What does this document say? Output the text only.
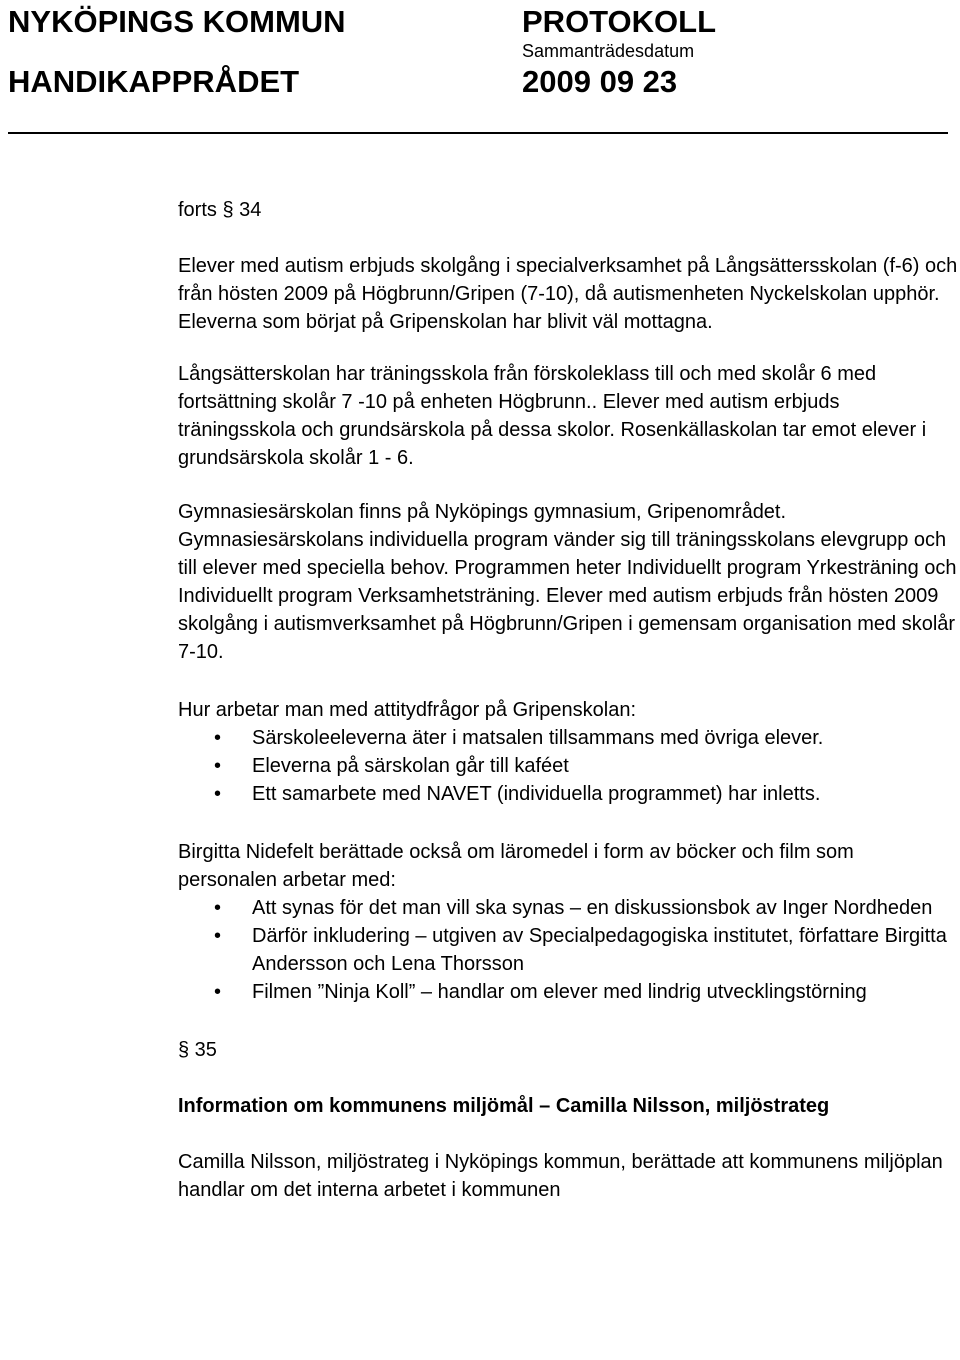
NYKÖPINGS KOMMUN
HANDIKAPPRÅDET
PROTOKOLL
Sammanträdesdatum
2009 09 23

forts § 34

Elever med autism erbjuds skolgång i specialverksamhet på Långsättersskolan (f-6) och från hösten 2009 på Högbrunn/Gripen (7-10), då autismenheten Nyckelskolan upphör. Eleverna som börjat på Gripenskolan har blivit väl mottagna.

Långsätterskolan har träningsskola från förskoleklass till och med skolår 6 med fortsättning skolår 7 -10 på enheten Högbrunn.. Elever med autism erbjuds träningsskola och grundsärskola på dessa skolor. Rosenkällaskolan tar emot elever i grundsärskola skolår 1 - 6.

Gymnasiesärskolan finns på Nyköpings gymnasium, Gripenområdet. Gymnasiesärskolans individuella program vänder sig till träningsskolans elevgrupp och till elever med speciella behov. Programmen heter Individuellt program Yrkesträning och Individuellt program Verksamhetsträning. Elever med autism erbjuds från hösten 2009 skolgång i autismverksamhet på Högbrunn/Gripen i gemensam organisation med skolår 7-10.

Hur arbetar man med attitydfrågor på Gripenskolan:

• Särskoleeleverna äter i matsalen tillsammans med övriga elever.
• Eleverna på särskolan går till kaféet
• Ett samarbete med NAVET (individuella programmet) har inletts.

Birgitta Nidefelt berättade också om läromedel i form av böcker och film som personalen arbetar med:

• Att synas för det man vill ska synas – en diskussionsbok av Inger Nordheden
• Därför inkludering – utgiven av Specialpedagogiska institutet, författare Birgitta Andersson och Lena Thorsson
• Filmen ”Ninja Koll” – handlar om elever med lindrig utvecklingstörning

§ 35

Information om kommunens miljömål – Camilla Nilsson, miljöstrateg

Camilla Nilsson, miljöstrateg i Nyköpings kommun, berättade att kommunens miljöplan handlar om det interna arbetet i kommunen
